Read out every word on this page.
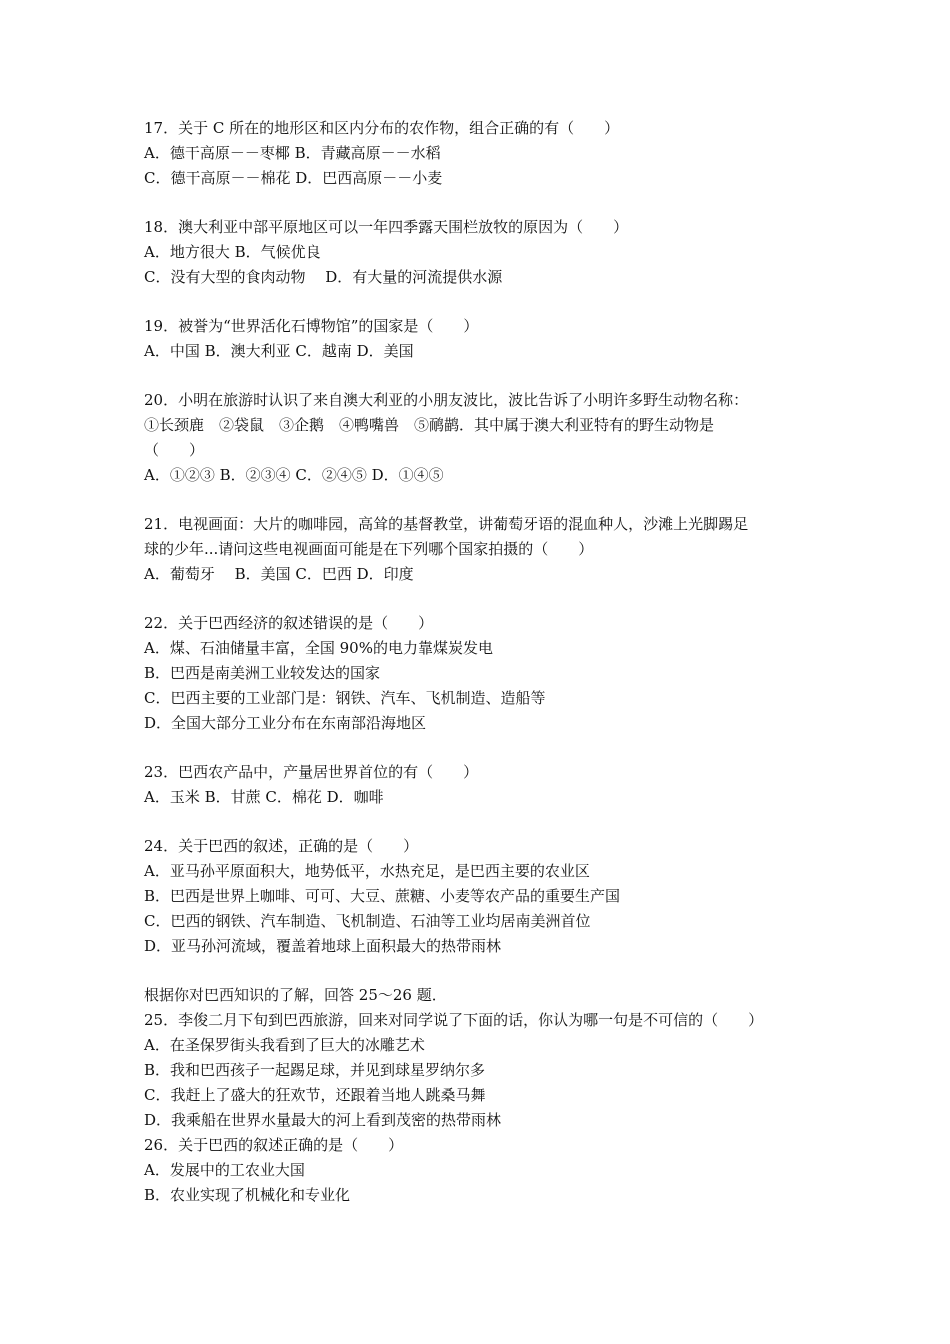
17．关于 C 所在的地形区和区内分布的农作物，组合正确的有（　　）
A．德干高原－－枣椰 B．青藏高原－－水稻
C．德干高原－－棉花 D．巴西高原－－小麦
18．澳大利亚中部平原地区可以一年四季露天围栏放牧的原因为（　　）
A．地方很大 B．气候优良
C．没有大型的食肉动物　 D．有大量的河流提供水源
19．被誉为“世界活化石博物馆”的国家是（　　）
A．中国 B．澳大利亚 C．越南 D．美国
20．小明在旅游时认识了来自澳大利亚的小朋友波比，波比告诉了小明许多野生动物名称：
①长颈鹿　②袋鼠　③企鹅　④鸭嘴兽　⑤鸸鹋．其中属于澳大利亚特有的野生动物是
（　　）
A．①②③ B．②③④ C．②④⑤ D．①④⑤
21．电视画面：大片的咖啡园，高耸的基督教堂，讲葡萄牙语的混血种人，沙滩上光脚踢足
球的少年...请问这些电视画面可能是在下列哪个国家拍摄的（　　）
A．葡萄牙　 B．美国 C．巴西 D．印度
22．关于巴西经济的叙述错误的是（　　）
A．煤、石油储量丰富，全国 90%的电力靠煤炭发电
B．巴西是南美洲工业较发达的国家
C．巴西主要的工业部门是：钢铁、汽车、飞机制造、造船等
D．全国大部分工业分布在东南部沿海地区
23．巴西农产品中，产量居世界首位的有（　　）
A．玉米 B．甘蔗 C．棉花 D．咖啡
24．关于巴西的叙述，正确的是（　　）
A．亚马孙平原面积大，地势低平，水热充足，是巴西主要的农业区
B．巴西是世界上咖啡、可可、大豆、蔗糖、小麦等农产品的重要生产国
C．巴西的钢铁、汽车制造、飞机制造、石油等工业均居南美洲首位
D．亚马孙河流域，覆盖着地球上面积最大的热带雨林
根据你对巴西知识的了解，回答 25～26 题．
25．李俊二月下旬到巴西旅游，回来对同学说了下面的话，你认为哪一句是不可信的（　　）
A．在圣保罗街头我看到了巨大的冰雕艺术
B．我和巴西孩子一起踢足球，并见到球星罗纳尔多
C．我赶上了盛大的狂欢节，还跟着当地人跳桑马舞
D．我乘船在世界水量最大的河上看到茂密的热带雨林
26．关于巴西的叙述正确的是（　　）
A．发展中的工农业大国
B．农业实现了机械化和专业化
